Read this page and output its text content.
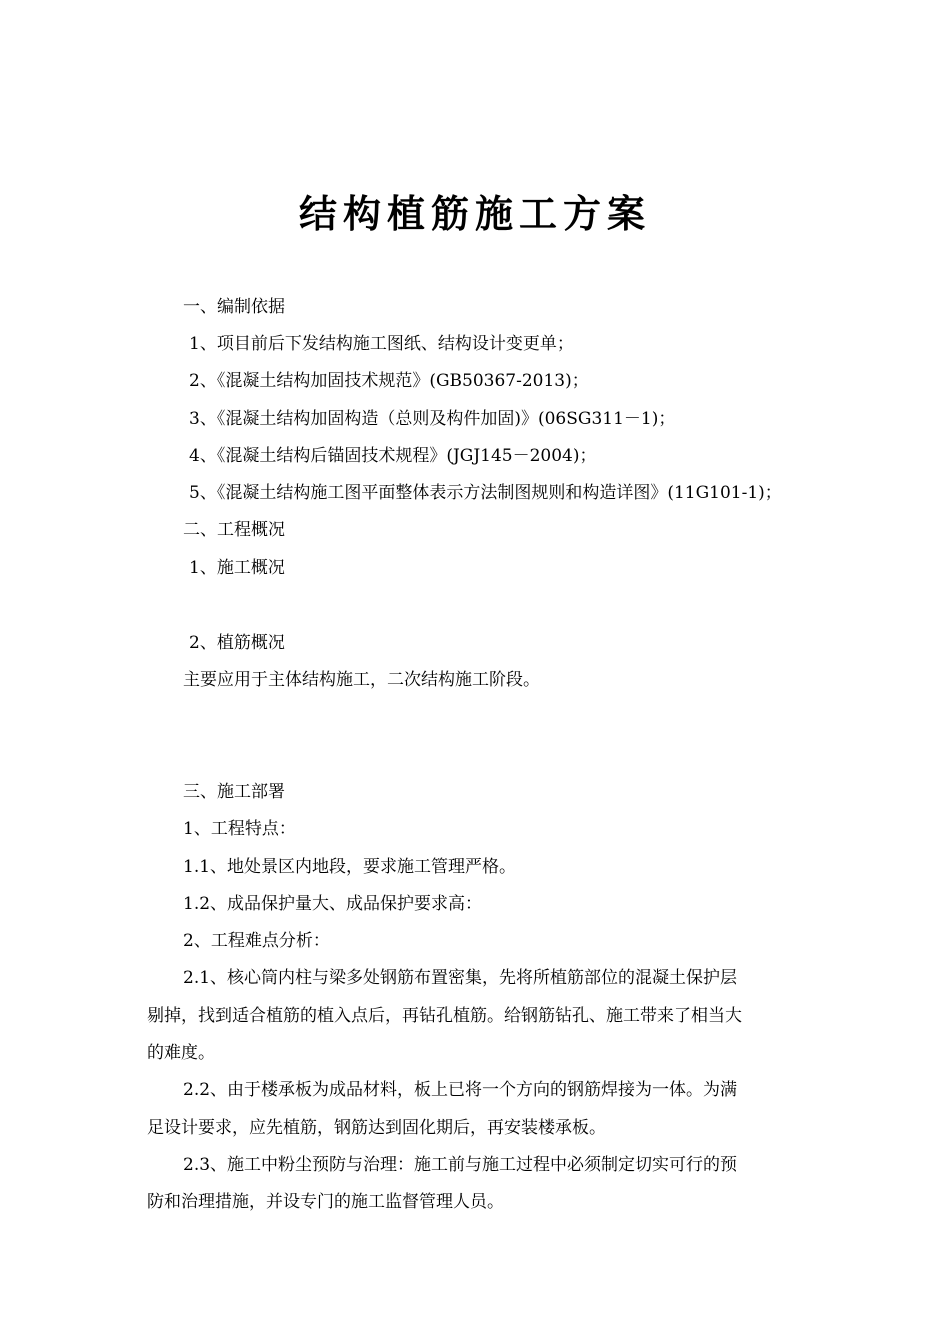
结构植筋施工方案
一、编制依据
1、项目前后下发结构施工图纸、结构设计变更单；
2、《混凝土结构加固技术规范》(GB50367-2013)；
3、《混凝土结构加固构造（总则及构件加固)》(06SG311－1)；
4、《混凝土结构后锚固技术规程》(JGJ145－2004)；
5、《混凝土结构施工图平面整体表示方法制图规则和构造详图》(11G101-1)；
二、工程概况
1、施工概况
2、植筋概况
主要应用于主体结构施工，二次结构施工阶段。
三、施工部署
1、工程特点：
1.1、地处景区内地段，要求施工管理严格。
1.2、成品保护量大、成品保护要求高：
2、工程难点分析：
2.1、核心筒内柱与梁多处钢筋布置密集，先将所植筋部位的混凝土保护层
剔掉，找到适合植筋的植入点后，再钻孔植筋。给钢筋钻孔、施工带来了相当大
的难度。
2.2、由于楼承板为成品材料，板上已将一个方向的钢筋焊接为一体。为满
足设计要求，应先植筋，钢筋达到固化期后，再安装楼承板。
2.3、施工中粉尘预防与治理：施工前与施工过程中必须制定切实可行的预
防和治理措施，并设专门的施工监督管理人员。
